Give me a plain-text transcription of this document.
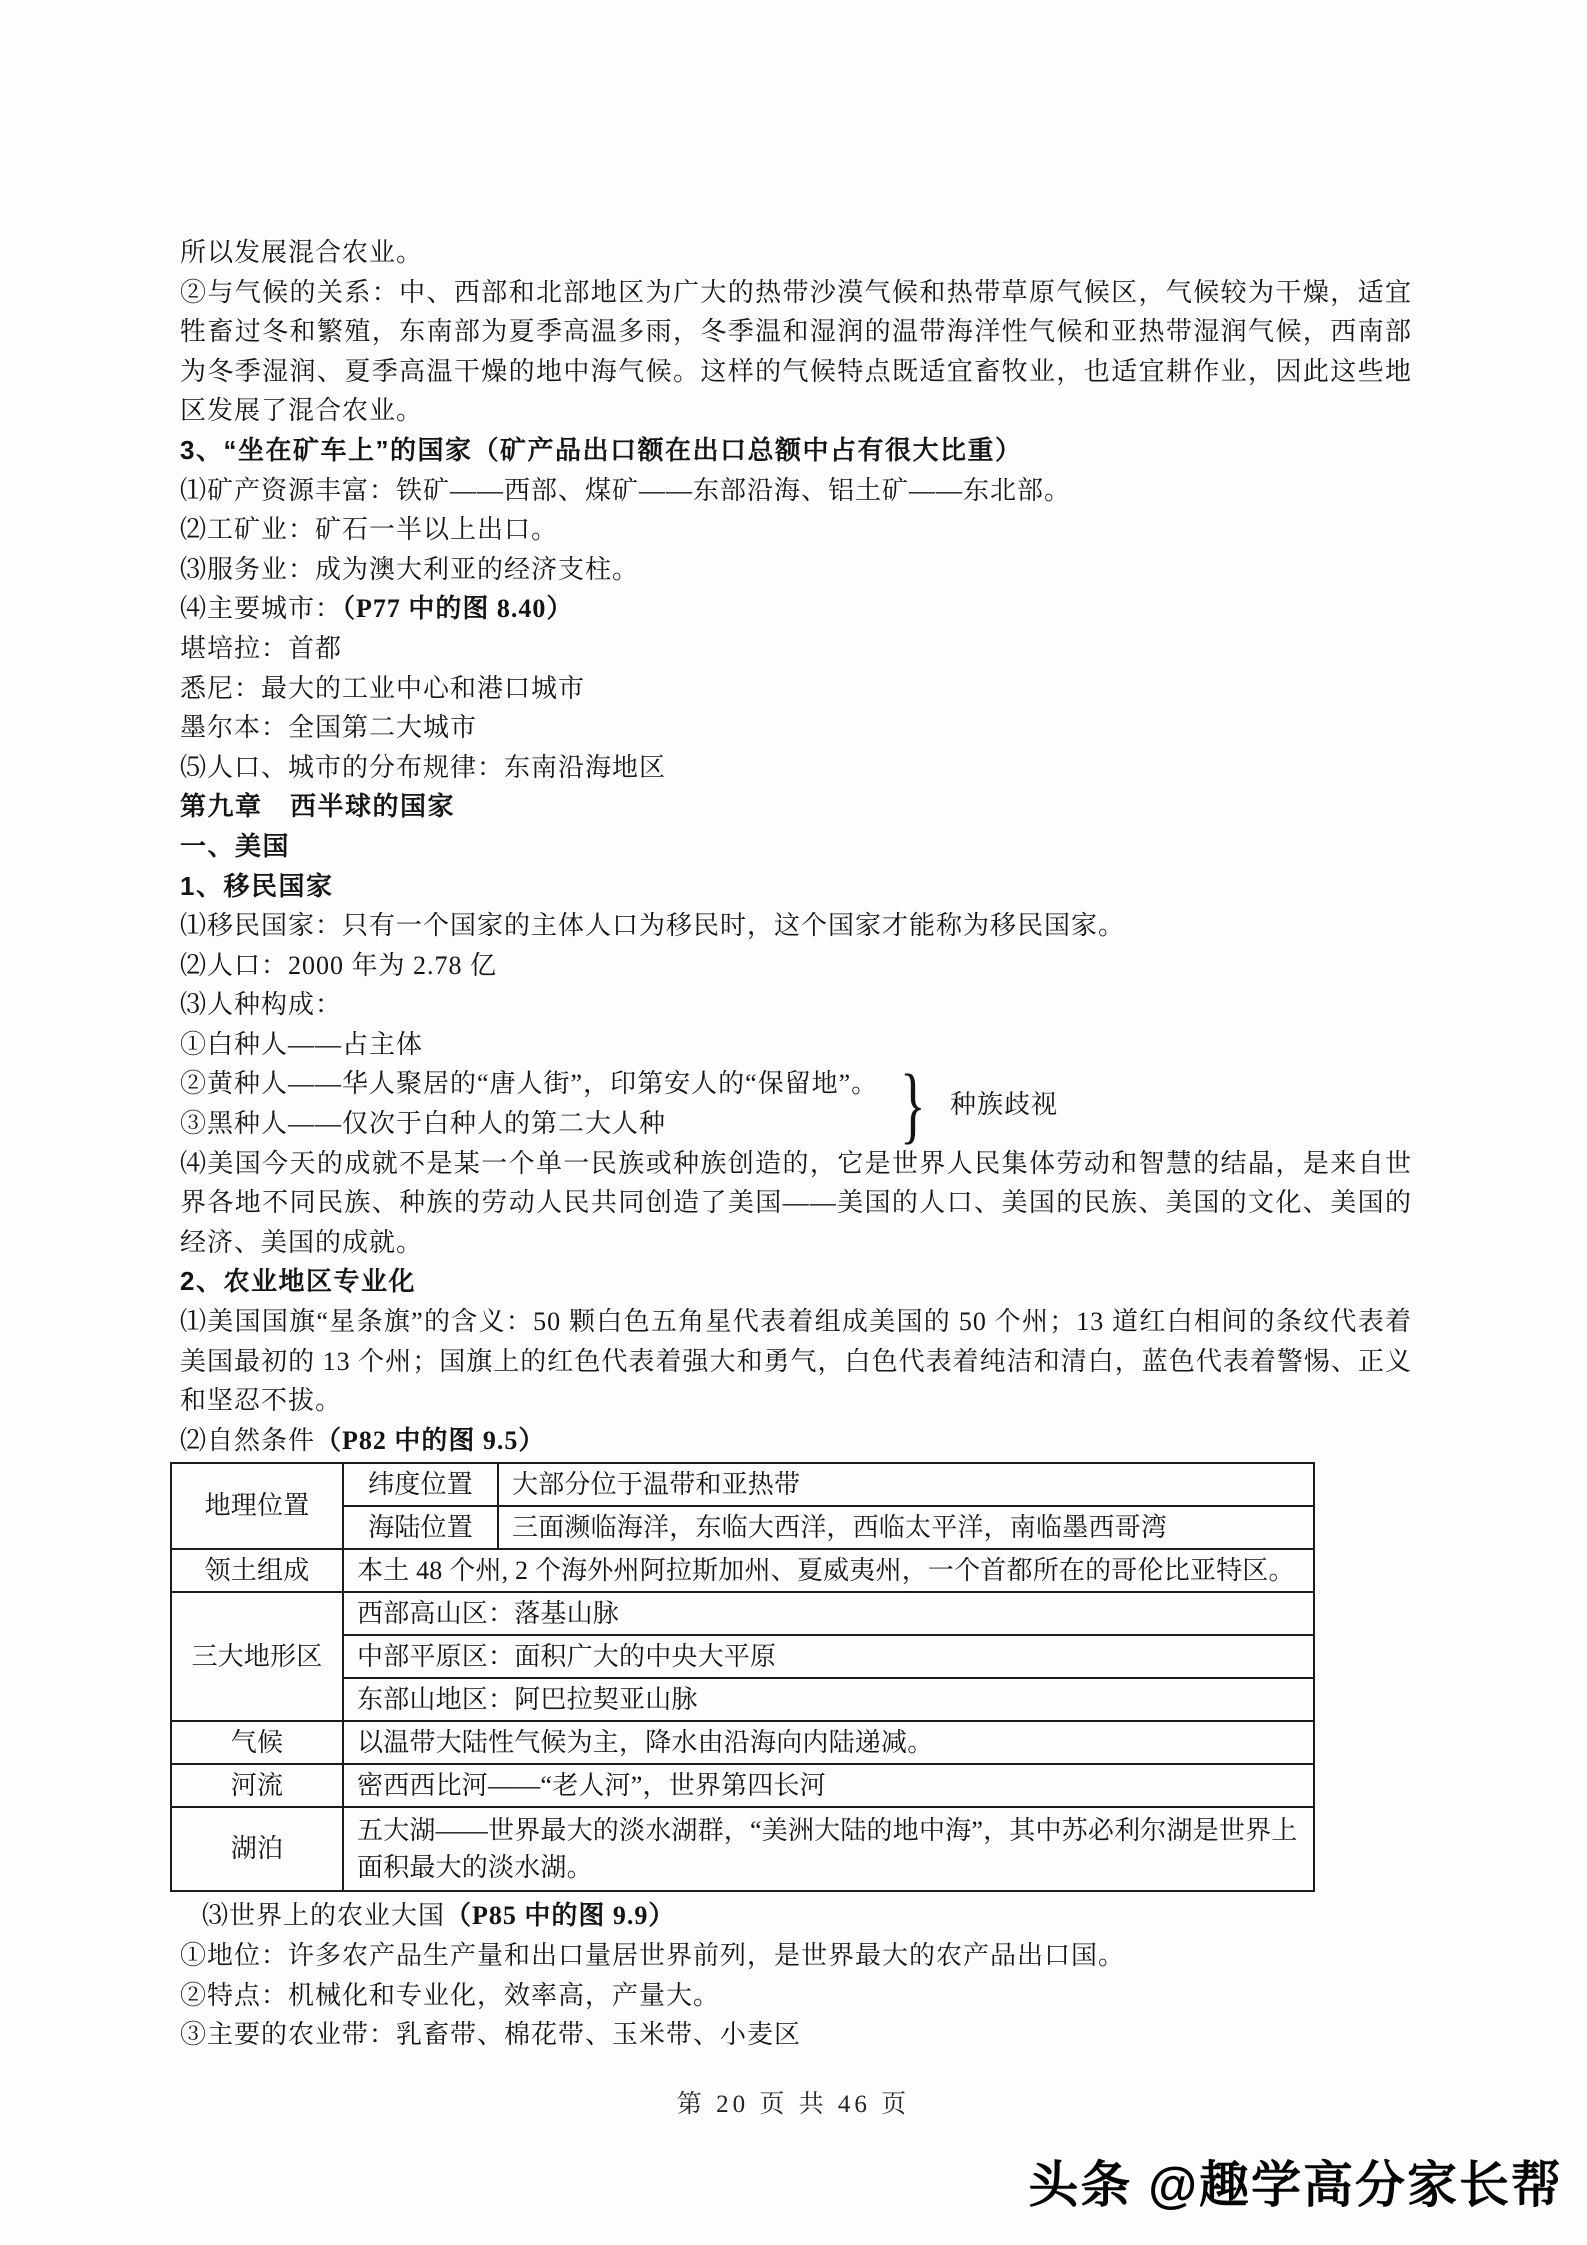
所以发展混合农业。
②与气候的关系：中、西部和北部地区为广大的热带沙漠气候和热带草原气候区，气候较为干燥，适宜牲畜过冬和繁殖，东南部为夏季高温多雨，冬季温和湿润的温带海洋性气候和亚热带湿润气候，西南部为冬季湿润、夏季高温干燥的地中海气候。这样的气候特点既适宜畜牧业，也适宜耕作业，因此这些地区发展了混合农业。
3、“坐在矿车上”的国家（矿产品出口额在出口总额中占有很大比重）
⑴矿产资源丰富：铁矿——西部、煤矿——东部沿海、铝土矿——东北部。
⑵工矿业：矿石一半以上出口。
⑶服务业：成为澳大利亚的经济支柱。
⑷主要城市：（P77 中的图 8.40）
堪培拉：首都
悉尼：最大的工业中心和港口城市
墨尔本：全国第二大城市
⑸人口、城市的分布规律：东南沿海地区
第九章　西半球的国家
一、美国
1、移民国家
⑴移民国家：只有一个国家的主体人口为移民时，这个国家才能称为移民国家。
⑵人口：2000 年为 2.78 亿
⑶人种构成：
①白种人——占主体
②黄种人——华人聚居的“唐人街”，印第安人的“保留地”。
③黑种人——仅次于白种人的第二大人种	} 种族歧视
⑷美国今天的成就不是某一个单一民族或种族创造的，它是世界人民集体劳动和智慧的结晶，是来自世界各地不同民族、种族的劳动人民共同创造了美国——美国的人口、美国的民族、美国的文化、美国的经济、美国的成就。
2、农业地区专业化
⑴美国国旗“星条旗”的含义：50 颗白色五角星代表着组成美国的 50 个州；13 道红白相间的条纹代表着美国最初的 13 个州；国旗上的红色代表着强大和勇气，白色代表着纯洁和清白，蓝色代表着警惕、正义和坚忍不拔。
⑵自然条件（P82 中的图 9.5）
地理位置	纬度位置	大部分位于温带和亚热带
	海陆位置	三面濒临海洋，东临大西洋，西临太平洋，南临墨西哥湾
领土组成	本土 48 个州, 2 个海外州阿拉斯加州、夏威夷州，一个首都所在的哥伦比亚特区。	
三大地形区	西部高山区：落基山脉	
	中部平原区：面积广大的中央大平原	
	东部山地区：阿巴拉契亚山脉	
气候	以温带大陆性气候为主，降水由沿海向内陆递减。	
河流	密西西比河——“老人河”，世界第四长河	
湖泊	五大湖——世界最大的淡水湖群，“美洲大陆的地中海”，其中苏必利尔湖是世界上面积最大的淡水湖。	
⑶世界上的农业大国（P85 中的图 9.9）
①地位：许多农产品生产量和出口量居世界前列，是世界最大的农产品出口国。
②特点：机械化和专业化，效率高，产量大。
③主要的农业带：乳畜带、棉花带、玉米带、小麦区
第 20 页 共 46 页
头条 @趣学高分家长帮
